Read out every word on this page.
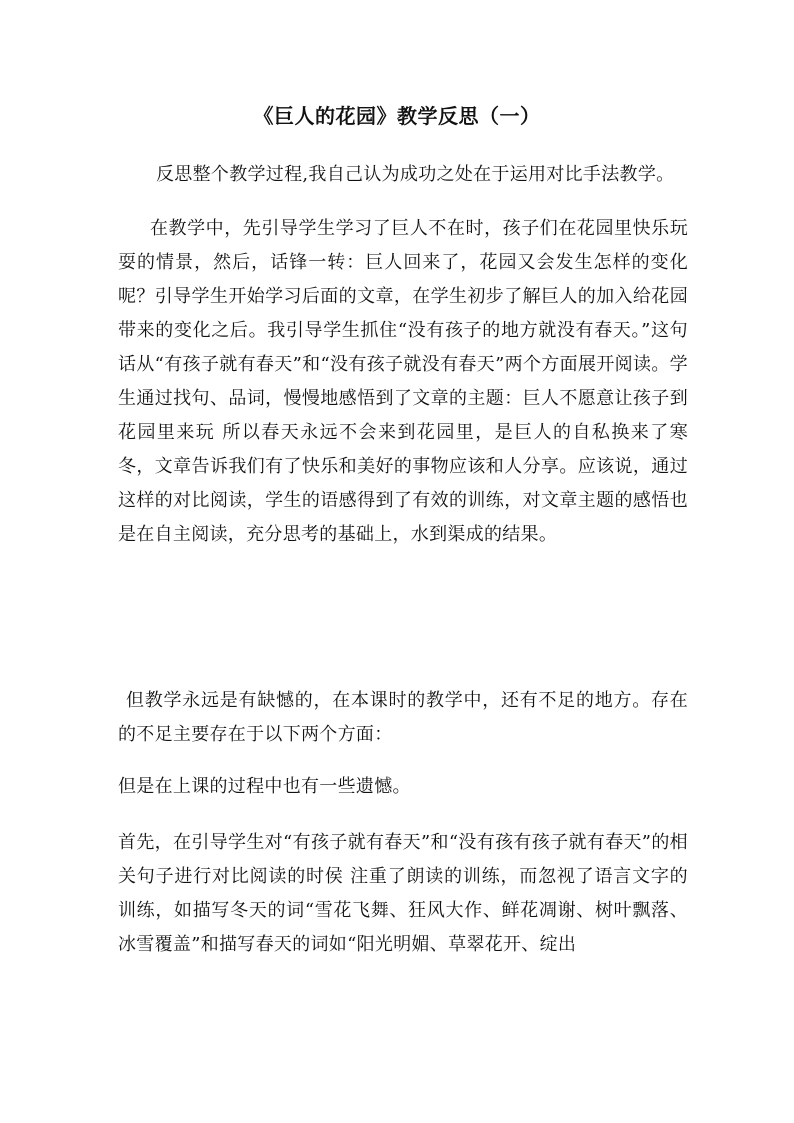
《巨人的花园》教学反思（一）

反思整个教学过程,我自己认为成功之处在于运用对比手法教学。

在教学中，先引导学生学习了巨人不在时，孩子们在花园里快乐玩耍的情景，然后，话锋一转：巨人回来了，花园又会发生怎样的变化呢？引导学生开始学习后面的文章，在学生初步了解巨人的加入给花园带来的变化之后。我引导学生抓住“没有孩子的地方就没有春天。”这句话从“有孩子就有春天”和“没有孩子就没有春天”两个方面展开阅读。学生通过找句、品词，慢慢地感悟到了文章的主题：巨人不愿意让孩子到花园里来玩 所以春天永远不会来到花园里，是巨人的自私换来了寒冬，文章告诉我们有了快乐和美好的事物应该和人分享。应该说，通过这样的对比阅读，学生的语感得到了有效的训练，对文章主题的感悟也是在自主阅读，充分思考的基础上，水到渠成的结果。

但教学永远是有缺憾的，在本课时的教学中，还有不足的地方。存在的不足主要存在于以下两个方面：

但是在上课的过程中也有一些遗憾。

首先，在引导学生对“有孩子就有春天”和“没有孩有孩子就有春天”的相关句子进行对比阅读的时侯 注重了朗读的训练，而忽视了语言文字的训练，如描写冬天的词“雪花飞舞、狂风大作、鲜花凋谢、树叶飘落、冰雪覆盖”和描写春天的词如“阳光明媚、草翠花开、绽出
